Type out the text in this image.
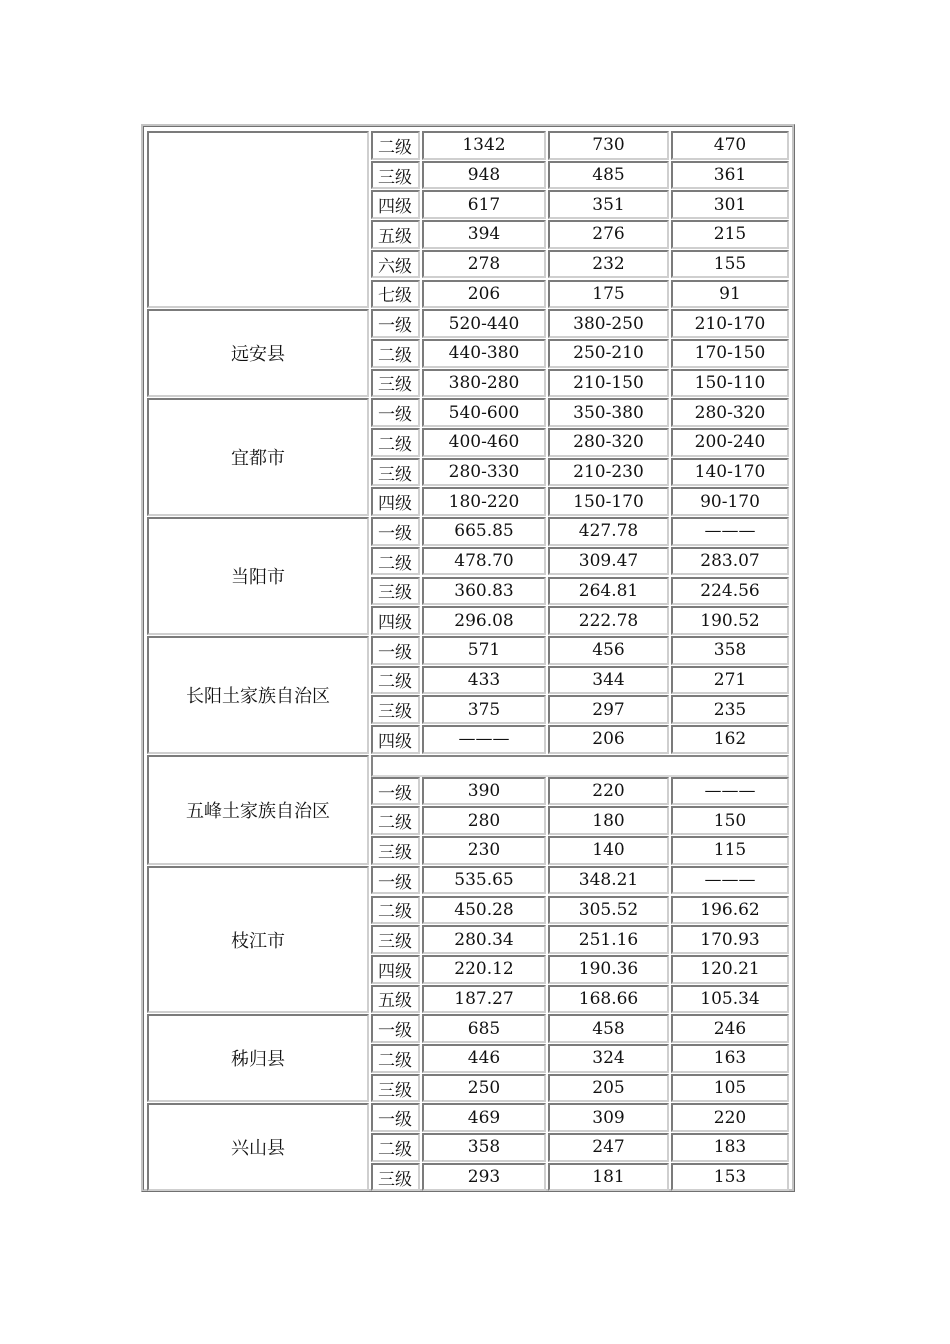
二级	1342	730	470
三级	948	485	361
四级	617	351	301
五级	394	276	215
六级	278	232	155
七级	206	175	91
一级	520-440	380-250	210-170
二级	440-380	250-210	170-150
三级	380-280	210-150	150-110
远安县
一级	540-600	350-380	280-320
二级	400-460	280-320	200-240
三级	280-330	210-230	140-170
四级	180-220	150-170	90-170
宜都市
一级	665.85	427.78	———
二级	478.70	309.47	283.07
三级	360.83	264.81	224.56
四级	296.08	222.78	190.52
当阳市
一级	571	456	358
二级	433	344	271
三级	375	297	235
四级	———	206	162
长阳土家族自治区
一级	390	220	———
二级	280	180	150
三级	230	140	115
五峰土家族自治区
一级	535.65	348.21	———
二级	450.28	305.52	196.62
三级	280.34	251.16	170.93
四级	220.12	190.36	120.21
五级	187.27	168.66	105.34
枝江市
一级	685	458	246
二级	446	324	163
三级	250	205	105
秭归县
一级	469	309	220
二级	358	247	183
三级	293	181	153
兴山县
